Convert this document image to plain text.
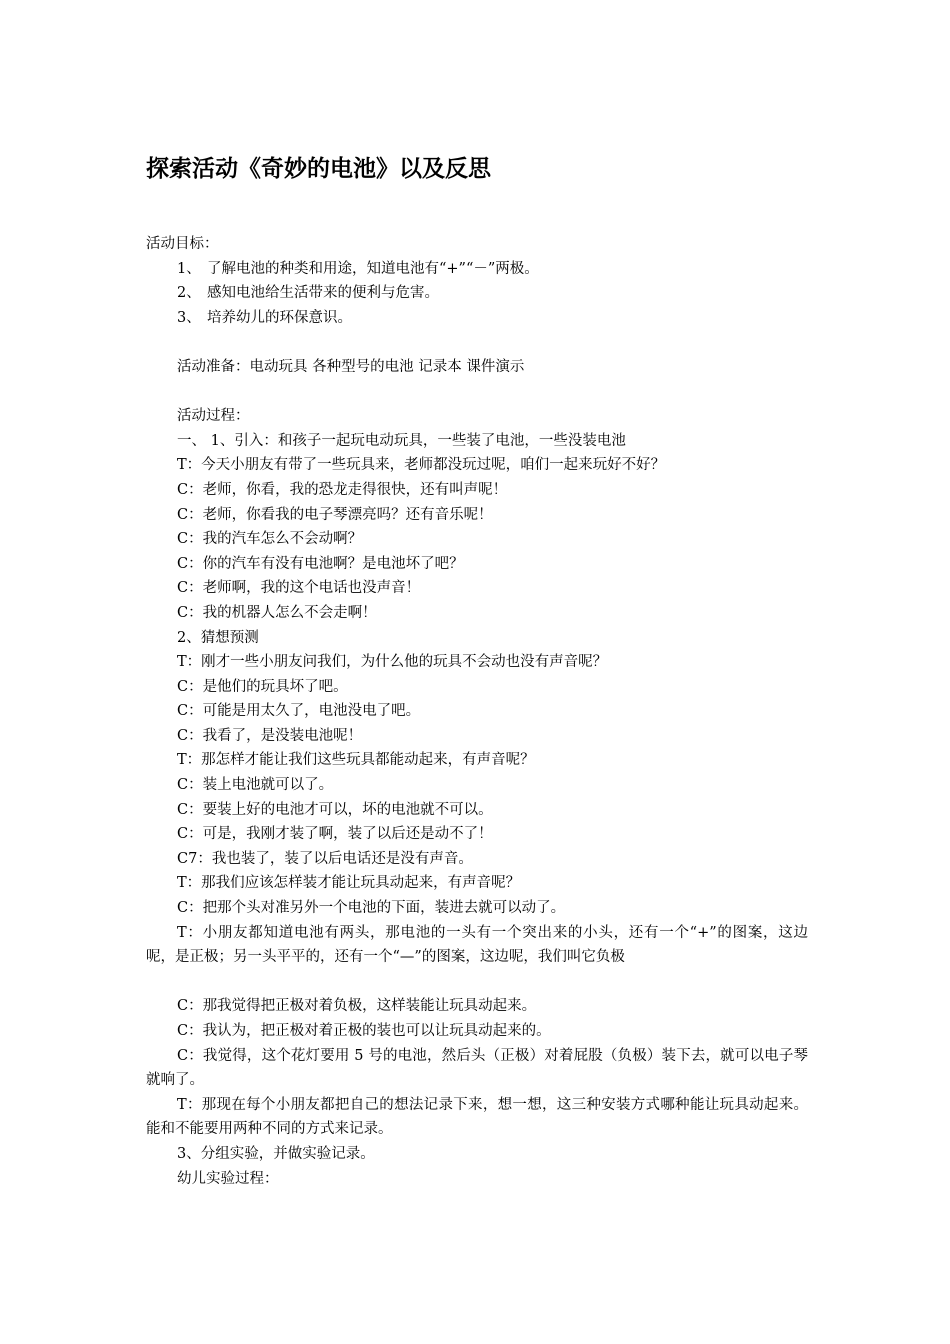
探索活动《奇妙的电池》以及反思
活动目标：
1、 了解电池的种类和用途，知道电池有“+”“－”两极。
2、 感知电池给生活带来的便利与危害。
3、 培养幼儿的环保意识。
活动准备：电动玩具 各种型号的电池 记录本 课件演示
活动过程：
一、 1、引入：和孩子一起玩电动玩具，一些装了电池，一些没装电池
T：今天小朋友有带了一些玩具来，老师都没玩过呢，咱们一起来玩好不好？
C：老师，你看，我的恐龙走得很快，还有叫声呢！
C：老师，你看我的电子琴漂亮吗？还有音乐呢！
C：我的汽车怎么不会动啊？
C：你的汽车有没有电池啊？是电池坏了吧？
C：老师啊，我的这个电话也没声音！
C：我的机器人怎么不会走啊！
2、猜想预测
T：刚才一些小朋友问我们，为什么他的玩具不会动也没有声音呢？
C：是他们的玩具坏了吧。
C：可能是用太久了，电池没电了吧。
C：我看了，是没装电池呢！
T：那怎样才能让我们这些玩具都能动起来，有声音呢？
C：装上电池就可以了。
C：要装上好的电池才可以，坏的电池就不可以。
C：可是，我刚才装了啊，装了以后还是动不了！
C7：我也装了，装了以后电话还是没有声音。
T：那我们应该怎样装才能让玩具动起来，有声音呢？
C：把那个头对准另外一个电池的下面，装进去就可以动了。
T：小朋友都知道电池有两头，那电池的一头有一个突出来的小头，还有一个“+”的图案，这边呢，是正极；另一头平平的，还有一个“—”的图案，这边呢，我们叫它负极
C：那我觉得把正极对着负极，这样装能让玩具动起来。
C：我认为，把正极对着正极的装也可以让玩具动起来的。
C：我觉得，这个花灯要用 5 号的电池，然后头（正极）对着屁股（负极）装下去，就可以电子琴就响了。
T：那现在每个小朋友都把自己的想法记录下来，想一想，这三种安装方式哪种能让玩具动起来。能和不能要用两种不同的方式来记录。
3、分组实验，并做实验记录。
幼儿实验过程：
